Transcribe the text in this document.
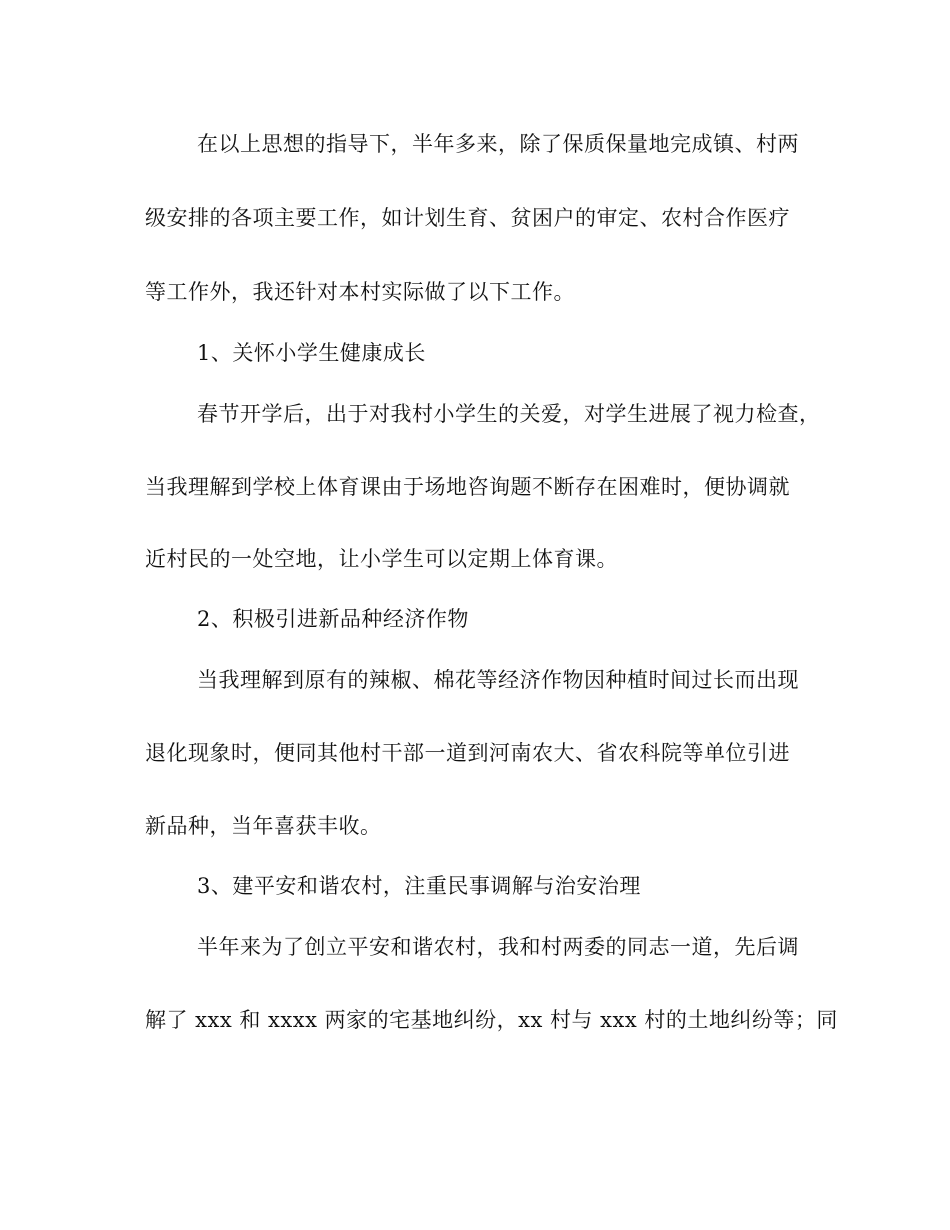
在以上思想的指导下，半年多来，除了保质保量地完成镇、村两
级安排的各项主要工作，如计划生育、贫困户的审定、农村合作医疗
等工作外，我还针对本村实际做了以下工作。
1、关怀小学生健康成长
春节开学后，出于对我村小学生的关爱，对学生进展了视力检查，
当我理解到学校上体育课由于场地咨询题不断存在困难时，便协调就
近村民的一处空地，让小学生可以定期上体育课。
2、积极引进新品种经济作物
当我理解到原有的辣椒、棉花等经济作物因种植时间过长而出现
退化现象时，便同其他村干部一道到河南农大、省农科院等单位引进
新品种，当年喜获丰收。
3、建平安和谐农村，注重民事调解与治安治理
半年来为了创立平安和谐农村，我和村两委的同志一道，先后调
解了 xxx 和 xxxx 两家的宅基地纠纷，xx 村与 xxx 村的土地纠纷等；同
